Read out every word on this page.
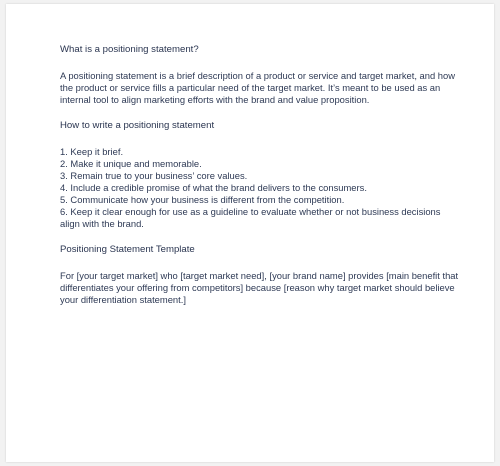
What is a positioning statement?

A positioning statement is a brief description of a product or service and target market, and how the product or service fills a particular need of the target market. It’s meant to be used as an internal tool to align marketing efforts with the brand and value proposition.

How to write a positioning statement
1. Keep it brief.
2. Make it unique and memorable.
3. Remain true to your business’ core values.
4. Include a credible promise of what the brand delivers to the consumers.
5. Communicate how your business is different from the competition.
6. Keep it clear enough for use as a guideline to evaluate whether or not business decisions align with the brand.
Positioning Statement Template

For [your target market] who [target market need], [your brand name] provides [main benefit that differentiates your offering from competitors] because [reason why target market should believe your differentiation statement.]
